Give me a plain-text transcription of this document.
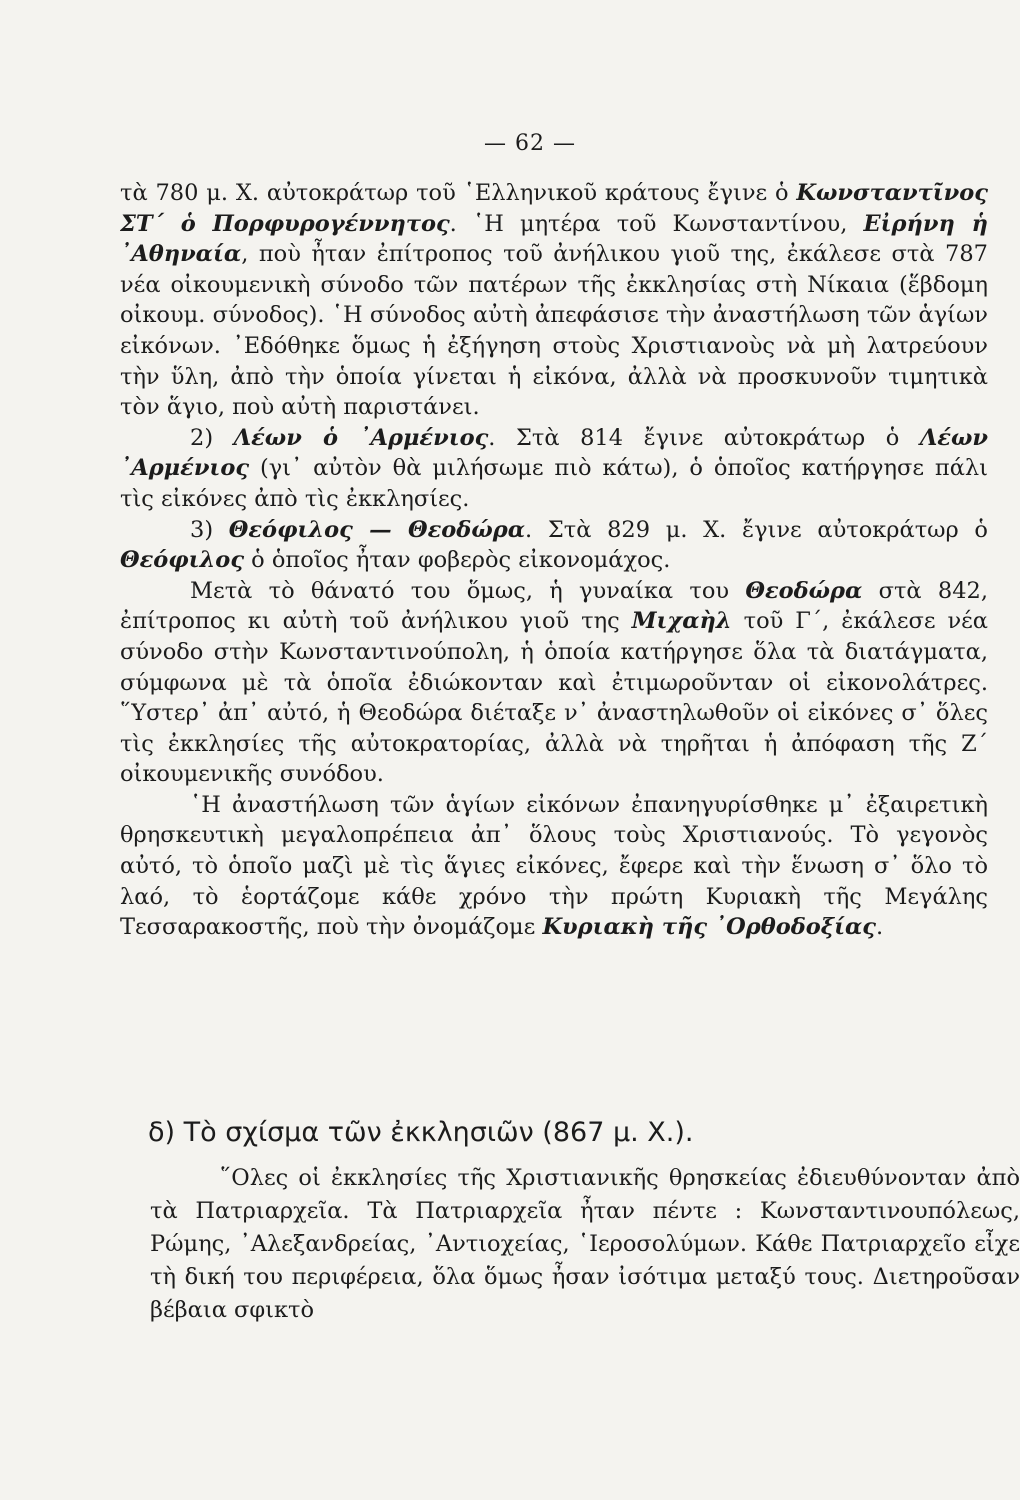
— 62 —

τὰ 780 μ. Χ. αὐτοκράτωρ τοῦ ῾Ελληνικοῦ κράτους ἔγινε ὁ Κωνσταντῖνος ΣΤ΄ ὁ Πορφυρογέννητος. ῾Η μητέρα τοῦ Κωνσταντίνου, Εἰρήνη ἡ ᾿Αθηναία, ποὺ ἦταν ἐπίτροπος τοῦ ἀνήλικου γιοῦ της, ἐκάλεσε στὰ 787 νέα οἰκουμενικὴ σύνοδο τῶν πατέρων τῆς ἐκκλησίας στὴ Νίκαια (ἕβδομη οἰκουμ. σύνοδος). ῾Η σύνοδος αὐτὴ ἀπεφάσισε τὴν ἀναστήλωση τῶν ἁγίων εἰκόνων. ᾿Εδόθηκε ὅμως ἡ ἐξήγηση στοὺς Χριστιανοὺς νὰ μὴ λατρεύουν τὴν ὕλη, ἀπὸ τὴν ὁποία γίνεται ἡ εἰκόνα, ἀλλὰ νὰ προσκυνοῦν τιμητικὰ τὸν ἅγιο, ποὺ αὐτὴ παριστάνει.

2) Λέων ὁ ᾿Αρμένιος. Στὰ 814 ἔγινε αὐτοκράτωρ ὁ Λέων ᾿Αρμένιος (γι᾿ αὐτὸν θὰ μιλήσωμε πιὸ κάτω), ὁ ὁποῖος κατήργησε πάλι τὶς εἰκόνες ἀπὸ τὶς ἐκκλησίες.

3) Θεόφιλος — Θεοδώρα. Στὰ 829 μ. Χ. ἔγινε αὐτοκράτωρ ὁ Θεόφιλος ὁ ὁποῖος ἦταν φοβερὸς εἰκονομάχος.

Μετὰ τὸ θάνατό του ὅμως, ἡ γυναίκα του Θεοδώρα στὰ 842, ἐπίτροπος κι αὐτὴ τοῦ ἀνήλικου γιοῦ της Μιχαὴλ τοῦ Γ΄, ἐκάλεσε νέα σύνοδο στὴν Κωνσταντινούπολη, ἡ ὁποία κατήργησε ὅλα τὰ διατάγματα, σύμφωνα μὲ τὰ ὁποῖα ἐδιώκονταν καὶ ἐτιμωροῦνταν οἱ εἰκονολάτρες. ῞Υστερ᾿ ἀπ᾿ αὐτό, ἡ Θεοδώρα διέταξε ν᾿ ἀναστηλωθοῦν οἱ εἰκόνες σ᾿ ὅλες τὶς ἐκκλησίες τῆς αὐτοκρατορίας, ἀλλὰ νὰ τηρῆται ἡ ἀπόφαση τῆς Ζ΄ οἰκουμενικῆς συνόδου.

῾Η ἀναστήλωση τῶν ἁγίων εἰκόνων ἐπανηγυρίσθηκε μ᾿ ἐξαιρετικὴ θρησκευτικὴ μεγαλοπρέπεια ἀπ᾿ ὅλους τοὺς Χριστιανούς. Τὸ γεγονὸς αὐτό, τὸ ὁποῖο μαζὶ μὲ τὶς ἅγιες εἰκόνες, ἔφερε καὶ τὴν ἕνωση σ᾿ ὅλο τὸ λαό, τὸ ἑορτάζομε κάθε χρόνο τὴν πρώτη Κυριακὴ τῆς Μεγάλης Τεσσαρακοστῆς, ποὺ τὴν ὀνομάζομε Κυριακὴ τῆς ᾿Ορθοδοξίας.

δ) Τὸ σχίσμα τῶν ἐκκλησιῶν (867 μ. Χ.).

῞Ολες οἱ ἐκκλησίες τῆς Χριστιανικῆς θρησκείας ἐδιευθύνονταν ἀπὸ τὰ Πατριαρχεῖα. Τὰ Πατριαρχεῖα ἦταν πέντε : Κωνσταντινουπόλεως, Ρώμης, ᾿Αλεξανδρείας, ᾿Αντιοχείας, ῾Ιεροσολύμων. Κάθε Πατριαρχεῖο εἶχε τὴ δική του περιφέρεια, ὅλα ὅμως ἦσαν ἰσότιμα μεταξύ τους. Διετηροῦσαν βέβαια σφικτὸ
